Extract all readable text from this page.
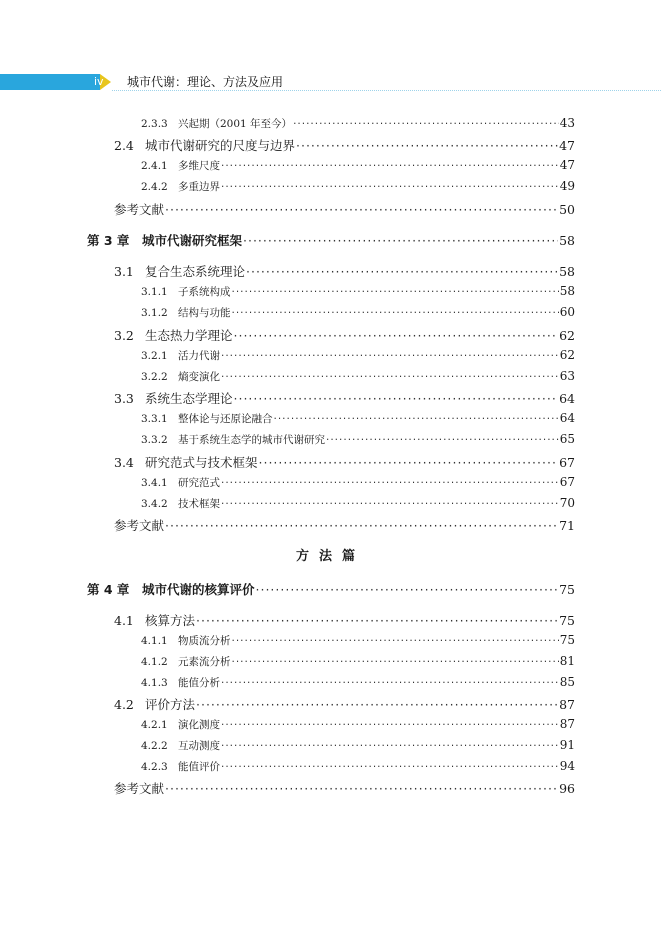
iv 城市代谢：理论、方法及应用
2.3.3 兴起期（2001 年至今） ·····	43
2.4 城市代谢研究的尺度与边界 ·····	47
2.4.1 多维尺度 ·····	47
2.4.2 多重边界 ·····	49
参考文献 ·····	50
第 3 章	城市代谢研究框架 ·····	58
3.1 复合生态系统理论 ·····	58
3.1.1 子系统构成 ·····	58
3.1.2 结构与功能 ·····	60
3.2 生态热力学理论 ·····	62
3.2.1 活力代谢 ·····	62
3.2.2 熵变演化 ·····	63
3.3 系统生态学理论 ·····	64
3.3.1 整体论与还原论融合 ·····	64
3.3.2 基于系统生态学的城市代谢研究 ·····	65
3.4 研究范式与技术框架 ·····	67
3.4.1 研究范式 ·····	67
3.4.2 技术框架 ·····	70
参考文献 ·····	71
方法篇
第 4 章	城市代谢的核算评价 ·····	75
4.1 核算方法 ·····	75
4.1.1 物质流分析 ·····	75
4.1.2 元素流分析 ·····	81
4.1.3 能值分析 ·····	85
4.2 评价方法 ·····	87
4.2.1 演化测度 ·····	87
4.2.2 互动测度 ·····	91
4.2.3 能值评价 ·····	94
参考文献 ·····	96
